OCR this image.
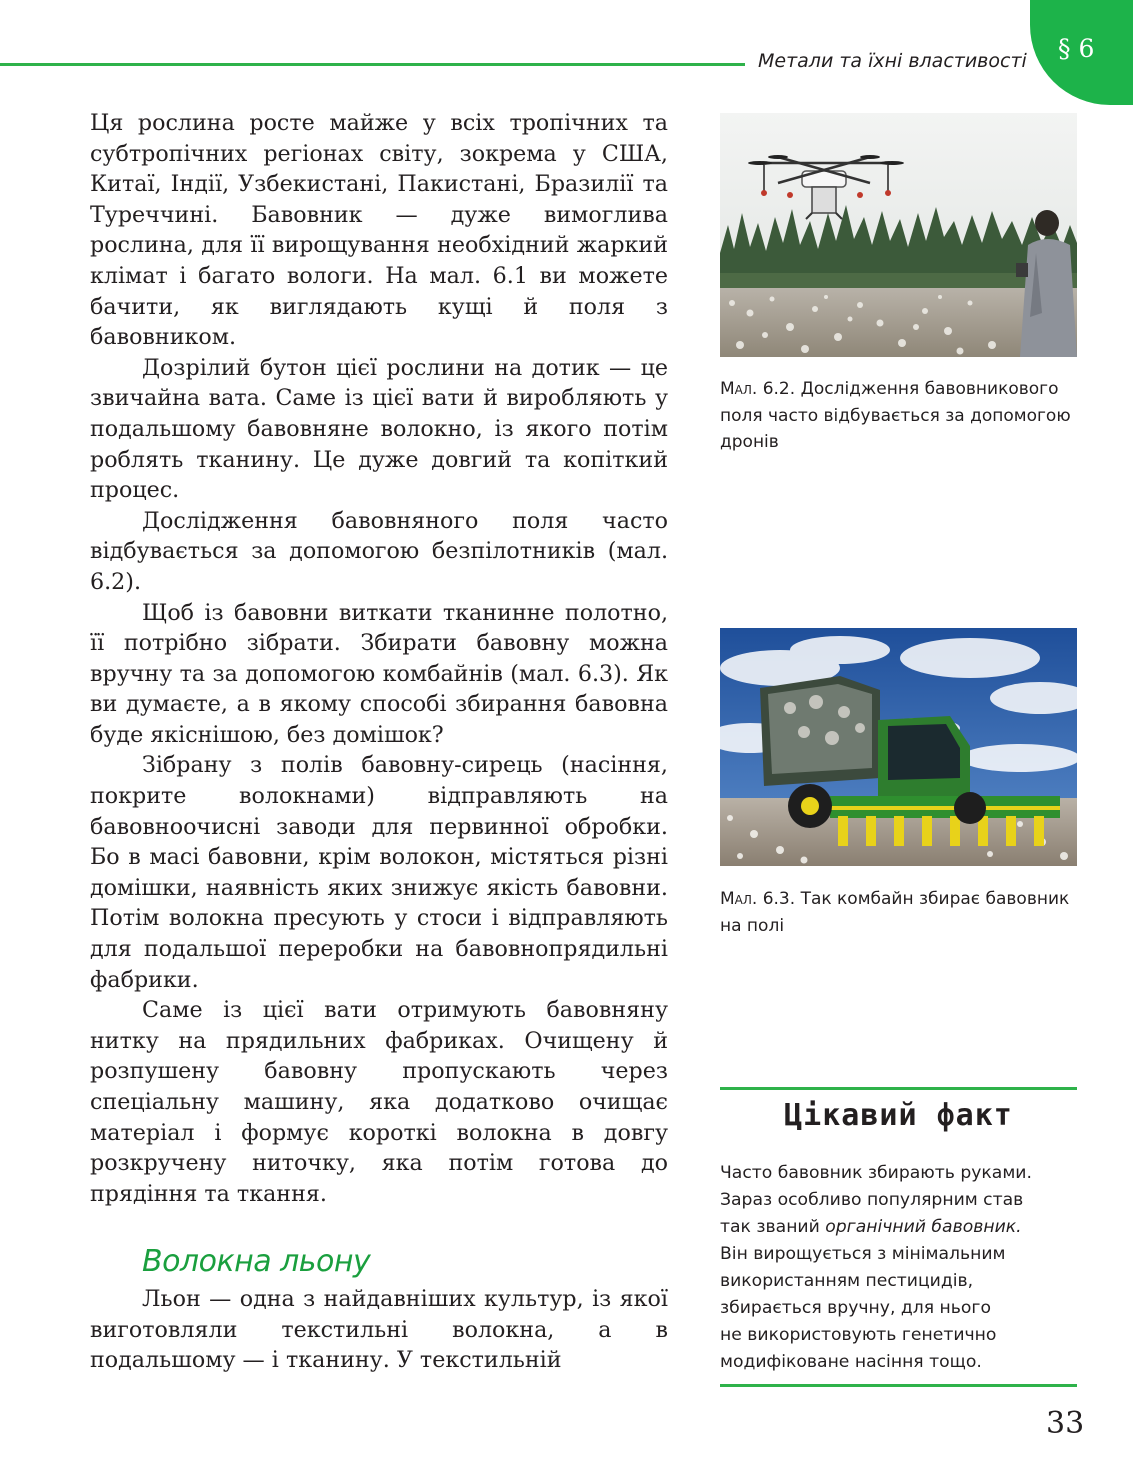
Метали та їхні властивості § 6

Ця рослина росте майже у всіх тропічних та субтропічних регіонах світу, зокрема у США, Китаї, Індії, Узбекистані, Пакистані, Бразилії та Туреччині. Бавовник — дуже вимоглива рослина, для її вирощування необхідний жаркий клімат і багато вологи. На мал. 6.1 ви можете бачити, як виглядають кущі й поля з бавовником.

Дозрілий бутон цієї рослини на дотик — це звичайна вата. Саме із цієї вати й виробляють у подальшому бавовняне волокно, із якого потім роблять тканину. Це дуже довгий та копіткий процес.

Дослідження бавовняного поля часто відбувається за допомогою безпілотників (мал. 6.2).

Щоб із бавовни виткати тканинне полотно, її потрібно зібрати. Збирати бавовну можна вручну та за допомогою комбайнів (мал. 6.3). Як ви думаєте, а в якому способі збирання бавовна буде якіснішою, без домішок?

Зібрану з полів бавовну-сирець (насіння, покрите волокнами) відправляють на бавовноочисні заводи для первинної обробки. Бо в масі бавовни, крім волокон, містяться різні домішки, наявність яких знижує якість бавовни. Потім волокна пресують у стоси і відправляють для подальшої переробки на бавовнопрядильні фабрики.

Саме із цієї вати отримують бавовняну нитку на прядильних фабриках. Очищену й розпушену бавовну пропускають через спеціальну машину, яка додатково очищає матеріал і формує короткі волокна в довгу розкручену ниточку, яка потім готова до прядіння та ткання.

Волокна льону

Льон — одна з найдавніших культур, із якої виготовляли текстильні волокна, а в подальшому — і тканину. У текстильній

Мал. 6.2. Дослідження бавовникового поля часто відбувається за допомогою дронів
Мал. 6.3. Так комбайн збирає бавовник на полі
Цікавий факт
Часто бавовник збирають руками.
Зараз особливо популярним став
так званий органічний бавовник.
Він вирощується з мінімальним
використанням пестицидів,
збирається вручну, для нього
не використовують генетично
модифіковане насіння тощо.
33
